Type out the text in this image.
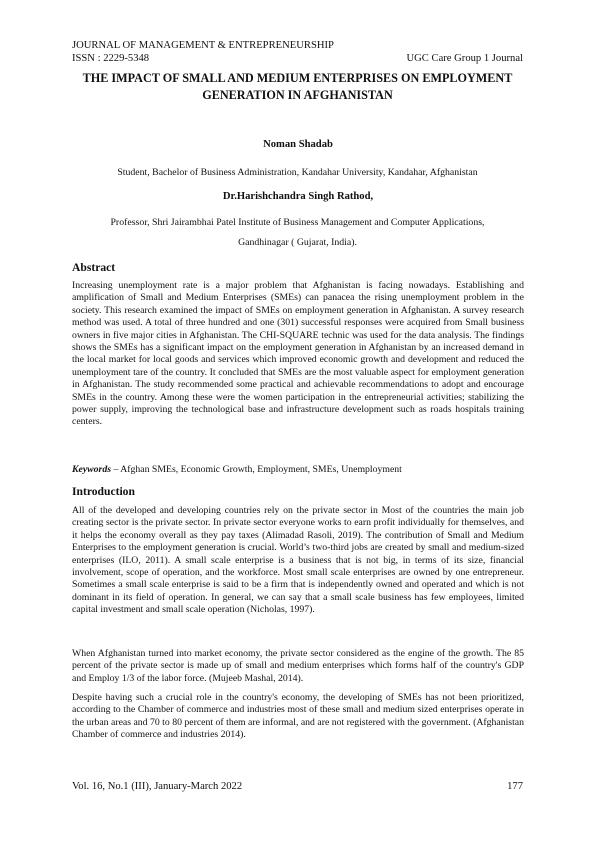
JOURNAL OF MANAGEMENT & ENTREPRENEURSHIP
ISSN : 2229-5348	UGC Care Group 1 Journal
THE IMPACT OF SMALL AND MEDIUM ENTERPRISES ON EMPLOYMENT GENERATION IN AFGHANISTAN
Noman Shadab
Student, Bachelor of Business Administration, Kandahar University, Kandahar, Afghanistan
Dr.Harishchandra Singh Rathod,
Professor, Shri Jairambhai Patel Institute of Business Management and Computer Applications,
Gandhinagar ( Gujarat, India).
Abstract

Increasing unemployment rate is a major problem that Afghanistan is facing nowadays. Establishing and amplification of Small and Medium Enterprises (SMEs) can panacea the rising unemployment problem in the society. This research examined the impact of SMEs on employment generation in Afghanistan. A survey research method was used. A total of three hundred and one (301) successful responses were acquired from Small business owners in five major cities in Afghanistan. The CHI-SQUARE technic was used for the data analysis. The findings shows the SMEs has a significant impact on the employment generation in Afghanistan by an increased demand in the local market for local goods and services which improved economic growth and development and reduced the unemployment tare of the country. It concluded that SMEs are the most valuable aspect for employment generation in Afghanistan. The study recommended some practical and achievable recommendations to adopt and encourage SMEs in the country. Among these were the women participation in the entrepreneurial activities; stabilizing the power supply, improving the technological base and infrastructure development such as roads hospitals training centers.

Keywords – Afghan SMEs, Economic Growth, Employment, SMEs, Unemployment
Introduction

All of the developed and developing countries rely on the private sector in Most of the countries the main job creating sector is the private sector. In private sector everyone works to earn profit individually for themselves, and it helps the economy overall as they pay taxes (Alimadad Rasoli, 2019). The contribution of Small and Medium Enterprises to the employment generation is crucial. World’s two-third jobs are created by small and medium-sized enterprises (ILO, 2011). A small scale enterprise is a business that is not big, in terms of its size, financial involvement, scope of operation, and the workforce. Most small scale enterprises are owned by one entrepreneur. Sometimes a small scale enterprise is said to be a firm that is independently owned and operated and which is not dominant in its field of operation. In general, we can say that a small scale business has few employees, limited capital investment and small scale operation (Nicholas, 1997).

When Afghanistan turned into market economy, the private sector considered as the engine of the growth. The 85 percent of the private sector is made up of small and medium enterprises which forms half of the country's GDP and Employ 1/3 of the labor force. (Mujeeb Mashal, 2014).

Despite having such a crucial role in the country's economy, the developing of SMEs has not been prioritized, according to the Chamber of commerce and industries most of these small and medium sized enterprises operate in the urban areas and 70 to 80 percent of them are informal, and are not registered with the government. (Afghanistan Chamber of commerce and industries 2014).

Vol. 16, No.1 (III), January-March 2022	177
